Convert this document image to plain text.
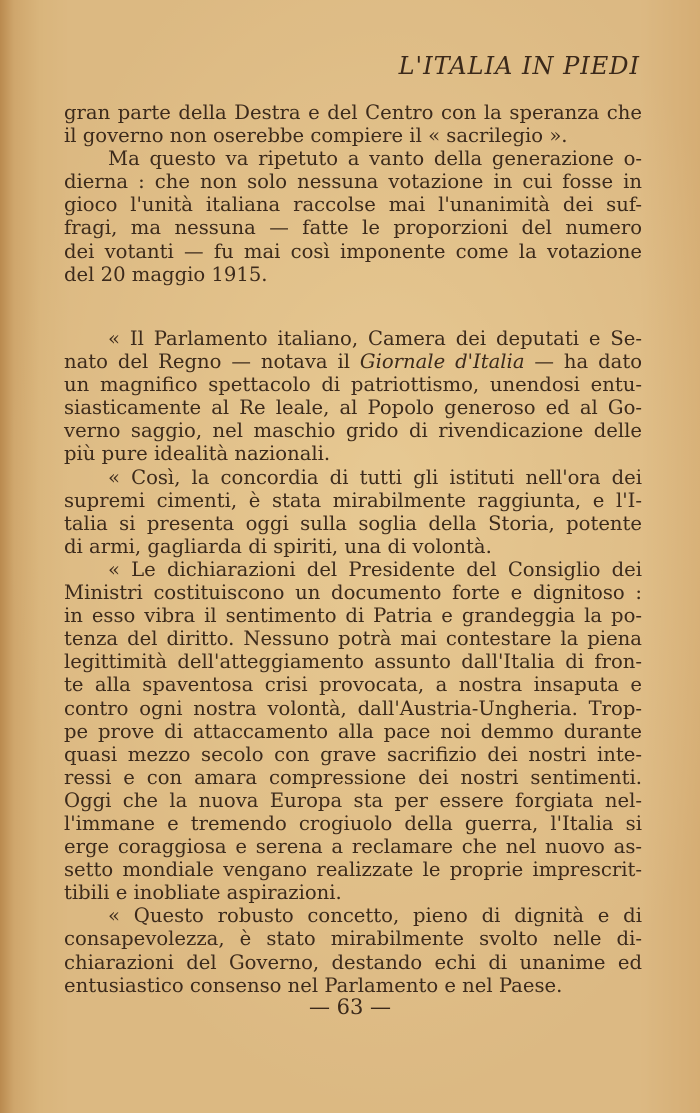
L'ITALIA IN PIEDI
gran parte della Destra e del Centro con la speranza che
il governo non oserebbe compiere il « sacrilegio ».
Ma questo va ripetuto a vanto della generazione o-
dierna : che non solo nessuna votazione in cui fosse in
gioco l'unità italiana raccolse mai l'unanimità dei suf-
fragi, ma nessuna — fatte le proporzioni del numero
dei votanti — fu mai così imponente come la votazione
del 20 maggio 1915.
« Il Parlamento italiano, Camera dei deputati e Se-
nato del Regno — notava il Giornale d'Italia — ha dato
un magnifico spettacolo di patriottismo, unendosi entu-
siasticamente al Re leale, al Popolo generoso ed al Go-
verno saggio, nel maschio grido di rivendicazione delle
più pure idealità nazionali.
« Così, la concordia di tutti gli istituti nell'ora dei
supremi cimenti, è stata mirabilmente raggiunta, e l'I-
talia si presenta oggi sulla soglia della Storia, potente
di armi, gagliarda di spiriti, una di volontà.
« Le dichiarazioni del Presidente del Consiglio dei
Ministri costituiscono un documento forte e dignitoso :
in esso vibra il sentimento di Patria e grandeggia la po-
tenza del diritto. Nessuno potrà mai contestare la piena
legittimità dell'atteggiamento assunto dall'Italia di fron-
te alla spaventosa crisi provocata, a nostra insaputa e
contro ogni nostra volontà, dall'Austria-Ungheria. Trop-
pe prove di attaccamento alla pace noi demmo durante
quasi mezzo secolo con grave sacrifizio dei nostri inte-
ressi e con amara compressione dei nostri sentimenti.
Oggi che la nuova Europa sta per essere forgiata nel-
l'immane e tremendo crogiuolo della guerra, l'Italia si
erge coraggiosa e serena a reclamare che nel nuovo as-
setto mondiale vengano realizzate le proprie imprescrit-
tibili e inobliate aspirazioni.
« Questo robusto concetto, pieno di dignità e di
consapevolezza, è stato mirabilmente svolto nelle di-
chiarazioni del Governo, destando echi di unanime ed
entusiastico consenso nel Parlamento e nel Paese.
— 63 —
